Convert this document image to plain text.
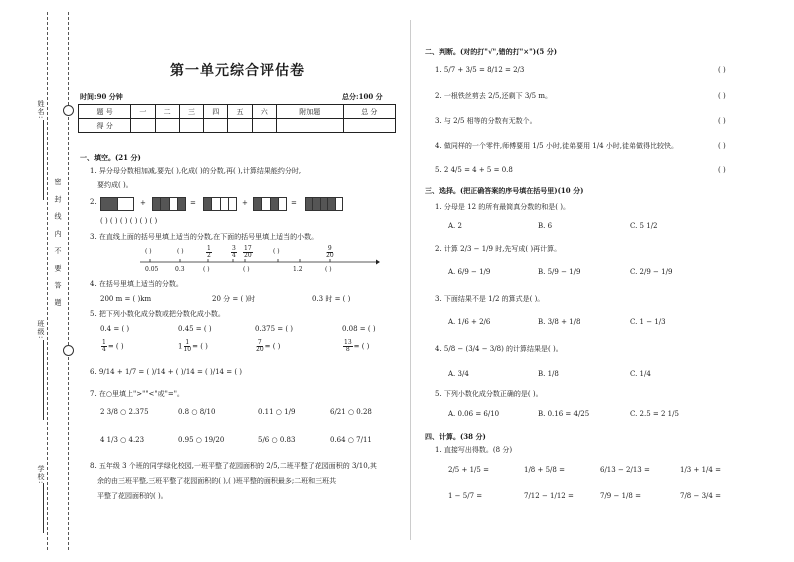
密 封 线 内 不 要 答 题
姓名:
班级:
学校:
第一单元综合评估卷
时间:90 分钟	总分:100 分
题 号	一	二	三	四	五	六	附加题	总 分
得 分								
一、填空。(21 分)
1. 异分母分数相加减,要先( ),化成( )的分数,再( ),计算结果能约分时,
要约成( )。
2.	+	=	+	=
( ) ( ) ( ) ( ) ( ) ( )
3. 在直线上面的括号里填上适当的分数,在下面的括号里填上适当的小数。
( )	( )	$\frac{1}{2}$	$\frac{3}{4} \frac{17}{20}$	( )	$\frac{9}{20}$
0.05	0.3	( )	( )	1.2	( )
4. 在括号里填上适当的分数。
200 m = ( )km	20 分 = ( )时	0.3 时 = ( )
5. 把下列小数化成分数或把分数化成小数。
0.4 = ( )	0.45 = ( )	0.375 = ( )	0.08 = ( )
$\frac{1}{4}$ = ( )	$1 \frac{1}{10}$ = ( )	$\frac{7}{20}$ = ( )	$\frac{13}{8}$ = ( )
6. 9/14 + 1/7 = ( )/14 + ( )/14 = ( )/14 = ( )
7. 在○里填上">""<"或"="。
2 3/8 ○ 2.375	0.8 ○ 8/10	0.11 ○ 1/9	6/21 ○ 0.28
4 1/3 ○ 4.23	0.95 ○ 19/20	5/6 ○ 0.83	0.64 ○ 7/11
8. 五年级 3 个班的同学绿化校园,一班平整了花园面积的 2/5,二班平整了花园面积的 3/10,其
余的由三班平整,三班平整了花园面积的( ),( )班平整的面积最多;二班和三班共
平整了花园面积的( )。
二、判断。(对的打"√",错的打"×")(5 分)
1. 5/7 + 3/5 = 8/12 = 2/3	( )
2. 一根铁丝剪去 2/5,还剩下 3/5 m。	( )
3. 与 2/5 相等的分数有无数个。	( )
4. 做同样的一个零件,师傅要用 1/5 小时,徒弟要用 1/4 小时,徒弟做得比较快。	( )
5. 2 4/5 = 4 + 5 = 0.8	( )
三、选择。(把正确答案的序号填在括号里)(10 分)
1. 分母是 12 的所有最简真分数的和是( )。
A. 2	B. 6	C. 5 1/2
2. 计算 2/3 − 1/9 时,先写成( )再计算。
A. 6/9 − 1/9	B. 5/9 − 1/9	C. 2/9 − 1/9
3. 下面结果不是 1/2 的算式是( )。
A. 1/6 + 2/6	B. 3/8 + 1/8	C. 1 − 1/3
4. 5/8 − (3/4 − 3/8) 的计算结果是( )。
A. 3/4	B. 1/8	C. 1/4
5. 下列小数化成分数正确的是( )。
A. 0.06 = 6/10	B. 0.16 = 4/25	C. 2.5 = 2 1/5
四、计算。(38 分)
1. 直接写出得数。(8 分)
2/5 + 1/5 =	1/8 + 5/8 =	6/13 − 2/13 =	1/3 + 1/4 =
1 − 5/7 =	7/12 − 1/12 =	7/9 − 1/8 =	7/8 − 3/4 =
